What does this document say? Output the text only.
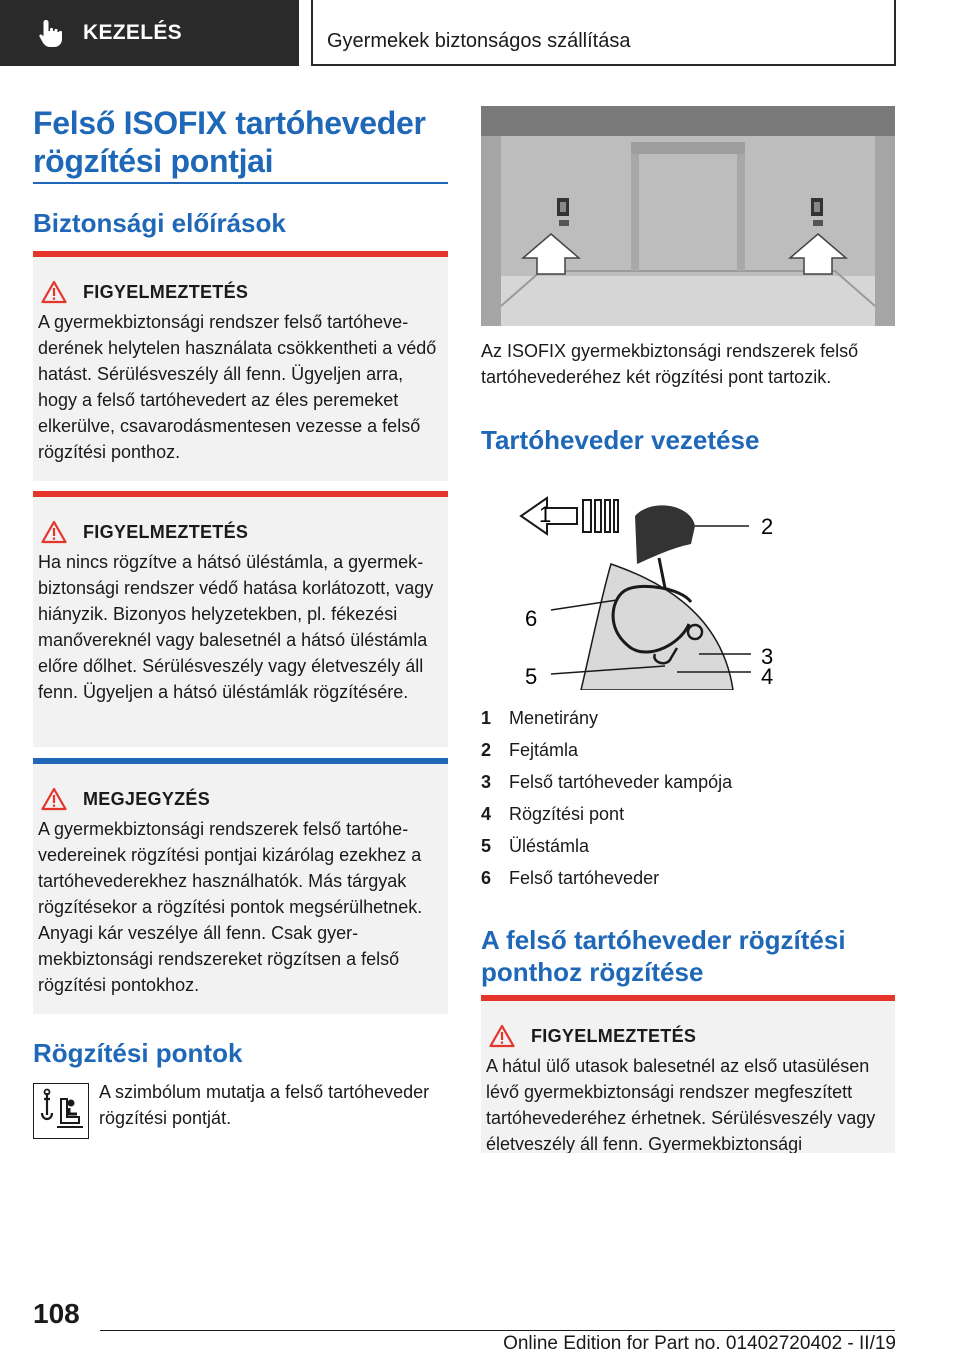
KEZELÉS	Gyermekek biztonságos szállítása
Felső ISOFIX tartóheveder rögzítési pontjai
Biztonsági előírások
FIGYELMEZTETÉS

A gyermekbiztonsági rendszer felső tartóhevederének helytelen használata csökkentheti a védő hatást. Sérülésveszély áll fenn. Ügyeljen arra, hogy a felső tartóhevedert az éles peremeket elkerülve, csavarodásmentesen vezesse a felső rögzítési ponthoz.

FIGYELMEZTETÉS

Ha nincs rögzítve a hátsó üléstámla, a gyermekbiztonsági rendszer védő hatása korlátozott, vagy hiányzik. Bizonyos helyzetekben, pl. fékezési manővereknél vagy balesetnél a hátsó üléstámla előre dőlhet. Sérülésveszély vagy életveszély áll fenn. Ügyeljen a hátsó üléstámlák rögzítésére.

MEGJEGYZÉS

A gyermekbiztonsági rendszerek felső tartóhevedereinek rögzítési pontjai kizárólag ezekhez a tartóhevederekhez használhatók. Más tárgyak rögzítésekor a rögzítési pontok megsérülhetnek. Anyagi kár veszélye áll fenn. Csak gyermekbiztonsági rendszereket rögzítsen a felső rögzítési pontokhoz.

Rögzítési pontok
A szimbólum mutatja a felső tartóheveder rögzítési pontját.
Az ISOFIX gyermekbiztonsági rendszerek felső tartóhevederéhez két rögzítési pont tartozik.
Tartóheveder vezetése
1	2
3
4
5
6
1 Menetirány
2 Fejtámla
3 Felső tartóheveder kampója
4 Rögzítési pont
5 Üléstámla
6 Felső tartóheveder
A felső tartóheveder rögzítési ponthoz rögzítése
FIGYELMEZTETÉS

A hátul ülő utasok balesetnél az első utasülésen lévő gyermekbiztonsági rendszer megfeszített tartóhevederéhez érhetnek. Sérülésveszély vagy életveszély áll fenn. Gyermekbiztonsági

108
Online Edition for Part no. 01402720402 - II/19
